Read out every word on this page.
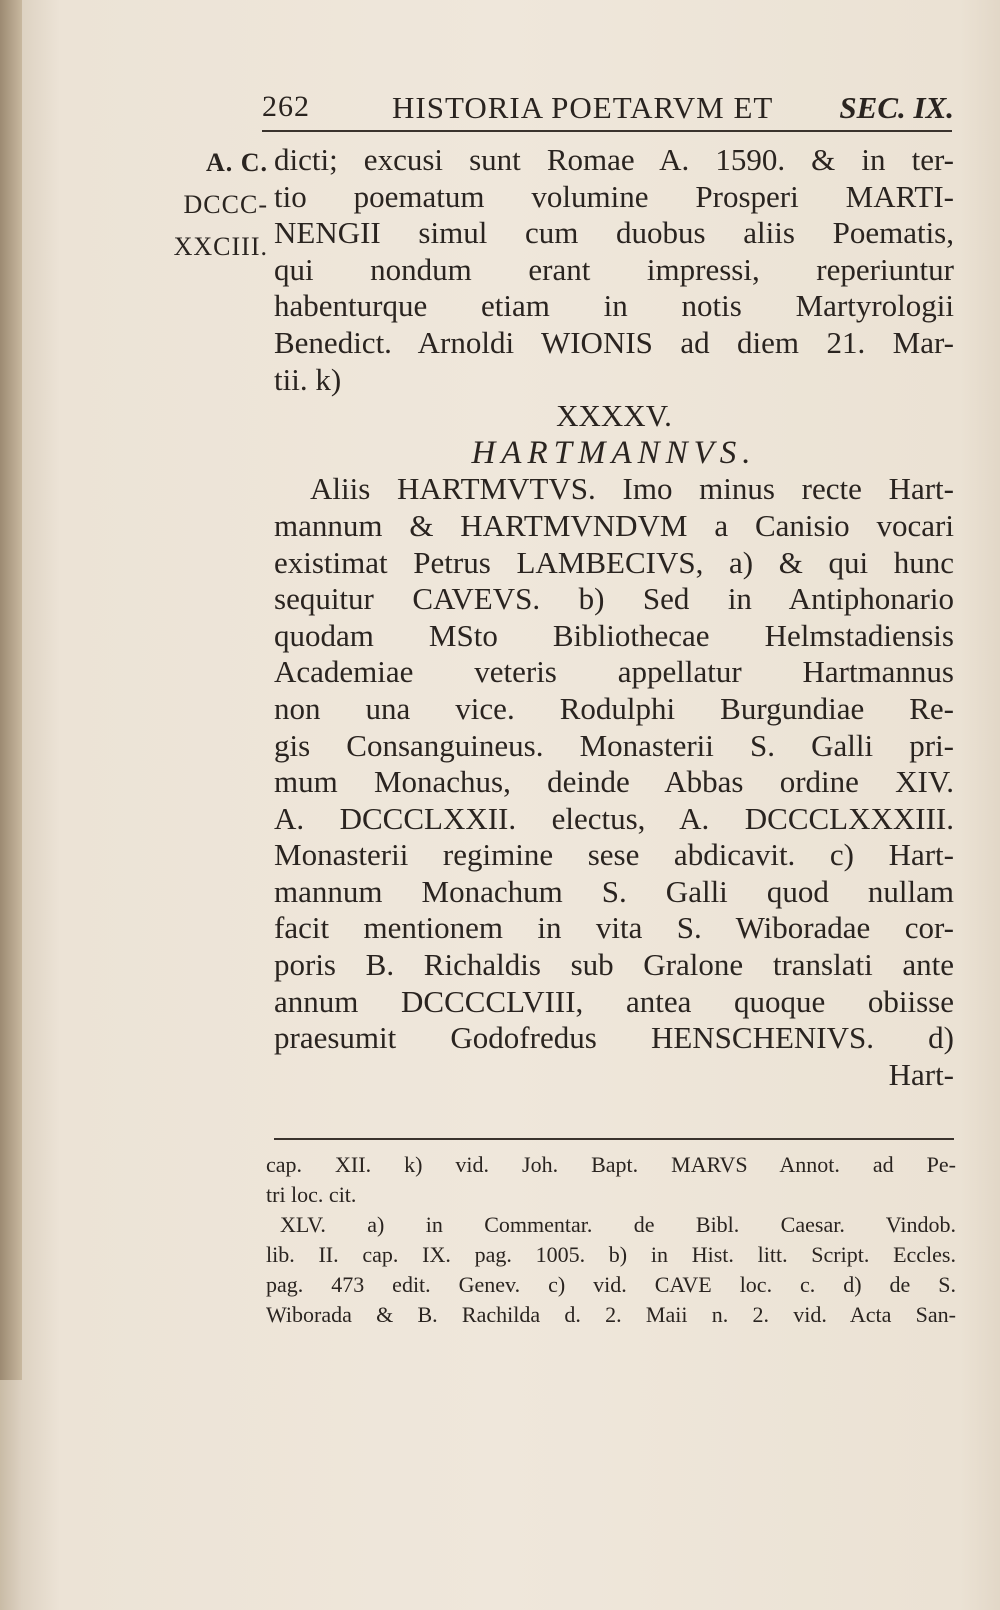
262	HISTORIA POETARVM ET SEC. IX.
A. C.
DCCC-
XXCIII.
dicti; excusi sunt Romae A. 1590. & in ter-
tio poematum volumine Prosperi MARTI-
NENGII simul cum duobus aliis Poematis,
qui nondum erant impressi, reperiuntur
habenturque etiam in notis Martyrologii
Benedict. Arnoldi WIONIS ad diem 21. Mar-
tii. k)
XXXXV.
HARTMANNVS.
Aliis HARTMVTVS. Imo minus recte Hart-
mannum & HARTMVNDVM a Canisio vocari
existimat Petrus LAMBECIVS, a) & qui hunc
sequitur CAVEVS. b) Sed in Antiphonario
quodam MSto Bibliothecae Helmstadiensis
Academiae veteris appellatur Hartmannus
non una vice. Rodulphi Burgundiae Re-
gis Consanguineus. Monasterii S. Galli pri-
mum Monachus, deinde Abbas ordine XIV.
A. DCCCLXXII. electus, A. DCCCLXXXIII.
Monasterii regimine sese abdicavit. c) Hart-
mannum Monachum S. Galli quod nullam
facit mentionem in vita S. Wiboradae cor-
poris B. Richaldis sub Gralone translati ante
annum DCCCCLVIII, antea quoque obiisse
praesumit Godofredus HENSCHENIVS. d)
Hart-
cap. XII. k) vid. Joh. Bapt. MARVS Annot. ad Pe-
tri loc. cit.
XLV. a) in Commentar. de Bibl. Caesar. Vindob.
lib. II. cap. IX. pag. 1005. b) in Hist. litt. Script. Eccles.
pag. 473 edit. Genev. c) vid. CAVE loc. c. d) de S.
Wiborada & B. Rachilda d. 2. Maii n. 2. vid. Acta San-
